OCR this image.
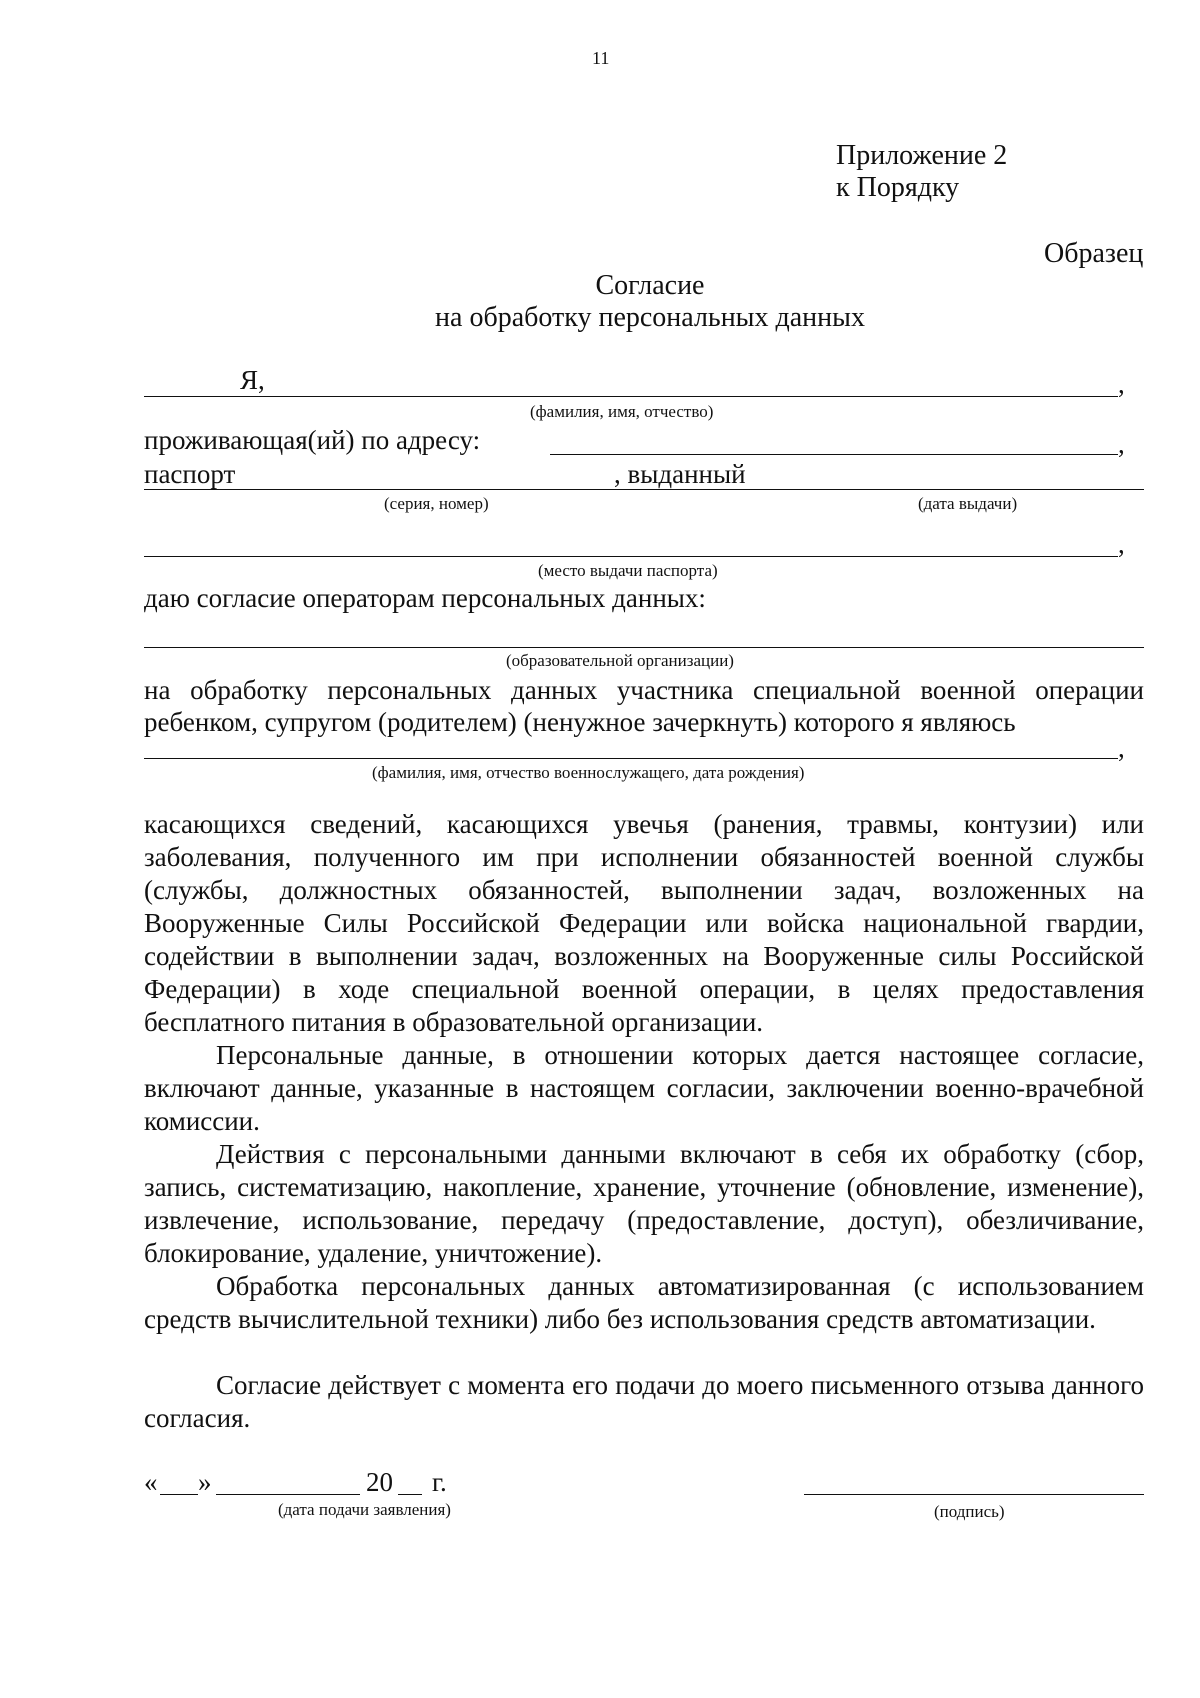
11
Приложение 2
к Порядку
Образец
Согласие
на обработку персональных данных
Я,	,
(фамилия, имя, отчество)
проживающая(ий) по адресу:	,
паспорт	, выданный
(серия, номер)	(дата выдачи)
,
(место выдачи паспорта)
даю согласие операторам персональных данных:
(образовательной организации)
на обработку персональных данных участника специальной военной операции
ребенком, супругом (родителем) (ненужное зачеркнуть) которого я являюсь
,
(фамилия, имя, отчество военнослужащего, дата рождения)
касающихся сведений, касающихся увечья (ранения, травмы, контузии) или заболевания, полученного им при исполнении обязанностей военной службы (службы, должностных обязанностей, выполнении задач, возложенных на Вооруженные Силы Российской Федерации или войска национальной гвардии, содействии в выполнении задач, возложенных на Вооруженные силы Российской Федерации) в ходе специальной военной операции, в целях предоставления бесплатного питания в образовательной организации.
Персональные данные, в отношении которых дается настоящее согласие, включают данные, указанные в настоящем согласии, заключении военно-врачебной комиссии.
Действия с персональными данными включают в себя их обработку (сбор, запись, систематизацию, накопление, хранение, уточнение (обновление, изменение), извлечение, использование, передачу (предоставление, доступ), обезличивание, блокирование, удаление, уничтожение).
Обработка персональных данных автоматизированная (с использованием средств вычислительной техники) либо без использования средств автоматизации.
Согласие действует с момента его подачи до моего письменного отзыва данного согласия.
« »	20 г.
(дата подачи заявления)	(подпись)
